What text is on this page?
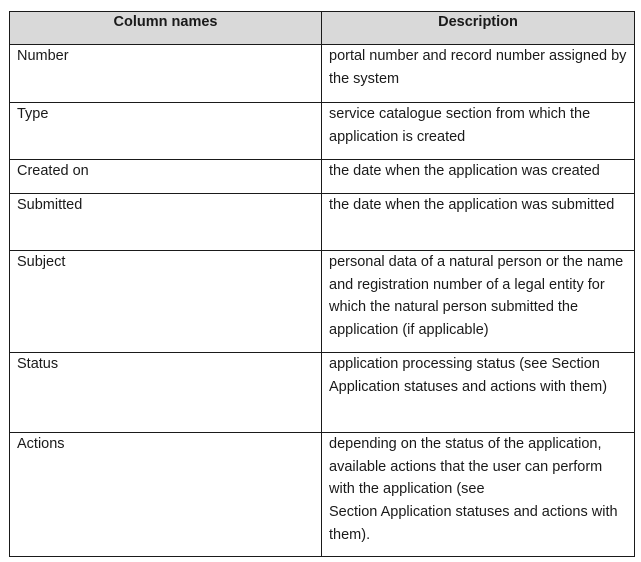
Column names	Description

Number	portal number and record number assigned by the system

Type	service catalogue section from which the application is created

Created on	the date when the application was created

Submitted	the date when the application was submitted

Subject	personal data of a natural person or the name and registration number of a legal entity for which the natural person submitted the application (if applicable)

Status	application processing status (see Section Application statuses and actions with them)

Actions	depending on the status of the application, available actions that the user can perform with the application (see
Section Application statuses and actions with them).
